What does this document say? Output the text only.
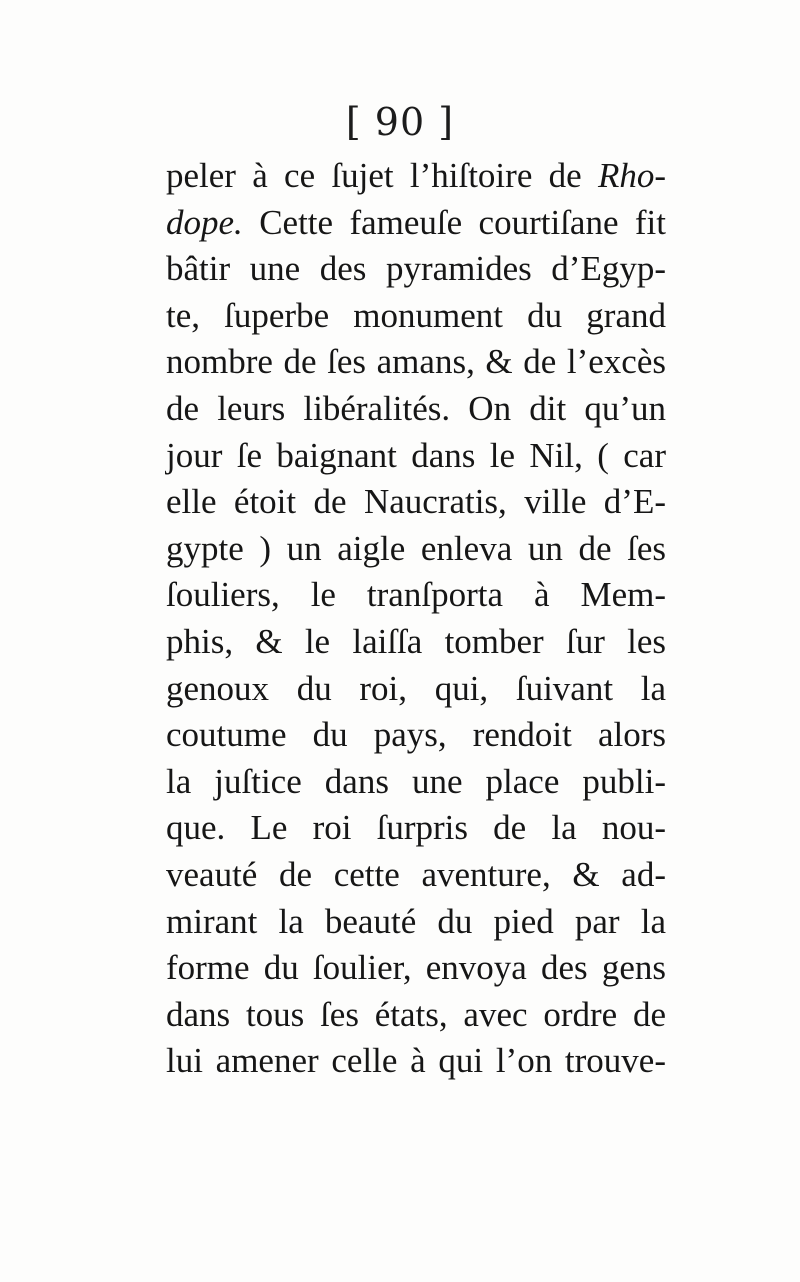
[ 90 ]
peler à ce ſujet l’hiſtoire de Rho-
dope. Cette fameuſe courtiſane fit
bâtir une des pyramides d’Egyp-
te, ſuperbe monument du grand
nombre de ſes amans, & de l’excès
de leurs libéralités. On dit qu’un
jour ſe baignant dans le Nil, ( car
elle étoit de Naucratis, ville d’E-
gypte ) un aigle enleva un de ſes
ſouliers, le tranſporta à Mem-
phis, & le laiſſa tomber ſur les
genoux du roi, qui, ſuivant la
coutume du pays, rendoit alors
la juſtice dans une place publi-
que. Le roi ſurpris de la nou-
veauté de cette aventure, & ad-
mirant la beauté du pied par la
forme du ſoulier, envoya des gens
dans tous ſes états, avec ordre de
lui amener celle à qui l’on trouve-
